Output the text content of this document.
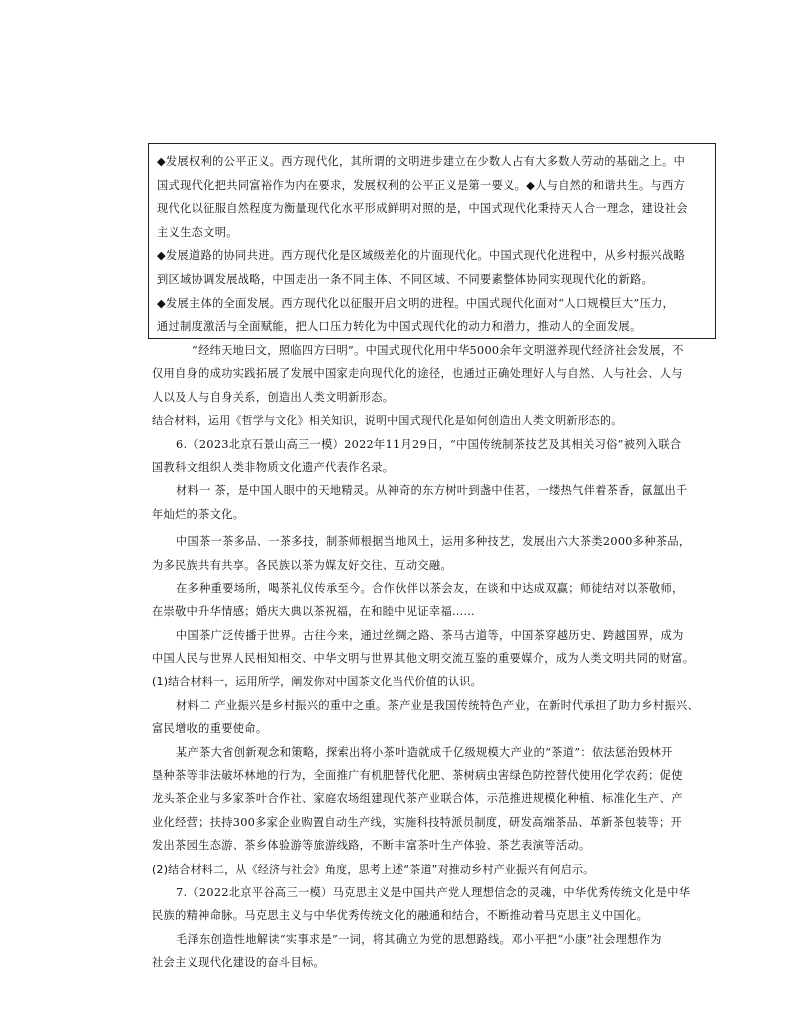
◆发展权利的公平正义。西方现代化，其所谓的文明进步建立在少数人占有大多数人劳动的基础之上。中
国式现代化把共同富裕作为内在要求，发展权利的公平正义是第一要义。◆人与自然的和谐共生。与西方
现代化以征服自然程度为衡量现代化水平形成鲜明对照的是，中国式现代化秉持天人合一理念，建设社会
主义生态文明。
◆发展道路的协同共进。西方现代化是区域级差化的片面现代化。中国式现代化进程中，从乡村振兴战略
到区域协调发展战略，中国走出一条不同主体、不同区域、不同要素整体协同实现现代化的新路。
◆发展主体的全面发展。西方现代化以征服开启文明的进程。中国式现代化面对“人口规模巨大”压力，
通过制度激活与全面赋能，把人口压力转化为中国式现代化的动力和潜力，推动人的全面发展。
“经纬天地曰文，照临四方曰明”。中国式现代化用中华5000余年文明滋养现代经济社会发展，不
仅用自身的成功实践拓展了发展中国家走向现代化的途径，也通过正确处理好人与自然、人与社会、人与
人以及人与自身关系，创造出人类文明新形态。
结合材料，运用《哲学与文化》相关知识，说明中国式现代化是如何创造出人类文明新形态的。
6.（2023北京石景山高三一模）2022年11月29日，“中国传统制茶技艺及其相关习俗”被列入联合
国教科文组织人类非物质文化遗产代表作名录。
材料一 茶，是中国人眼中的天地精灵。从神奇的东方树叶到盏中佳茗，一缕热气伴着茶香，氤氲出千
年灿烂的茶文化。
中国茶一茶多品、一茶多技，制茶师根据当地风土，运用多种技艺，发展出六大茶类2000多种茶品，
为多民族共有共享。各民族以茶为媒友好交往、互动交融。
在多种重要场所，喝茶礼仪传承至今。合作伙伴以茶会友，在谈和中达成双赢；师徒结对以茶敬师，
在崇敬中升华情感；婚庆大典以茶祝福，在和睦中见证幸福……
中国茶广泛传播于世界。古往今来，通过丝绸之路、茶马古道等，中国茶穿越历史、跨越国界，成为
中国人民与世界人民相知相交、中华文明与世界其他文明交流互鉴的重要媒介，成为人类文明共同的财富。
(1)结合材料一，运用所学，阐发你对中国茶文化当代价值的认识。
材料二 产业振兴是乡村振兴的重中之重。茶产业是我国传统特色产业，在新时代承担了助力乡村振兴、
富民增收的重要使命。
某产茶大省创新观念和策略，探索出将小茶叶造就成千亿级规模大产业的“茶道”：依法惩治毁林开
垦种茶等非法破坏林地的行为，全面推广有机肥替代化肥、茶树病虫害绿色防控替代使用化学农药；促使
龙头茶企业与多家茶叶合作社、家庭农场组建现代茶产业联合体，示范推进规模化种植、标准化生产、产
业化经营；扶持300多家企业购置自动生产线，实施科技特派员制度，研发高端茶品、革新茶包装等；开
发出茶园生态游、茶乡体验游等旅游线路，不断丰富茶叶生产体验、茶艺表演等活动。
(2)结合材料二，从《经济与社会》角度，思考上述“茶道”对推动乡村产业振兴有何启示。
7.（2022北京平谷高三一模）马克思主义是中国共产党人理想信念的灵魂，中华优秀传统文化是中华
民族的精神命脉。马克思主义与中华优秀传统文化的融通和结合，不断推动着马克思主义中国化。
毛泽东创造性地解读“实事求是”一词，将其确立为党的思想路线。邓小平把“小康”社会理想作为
社会主义现代化建设的奋斗目标。
